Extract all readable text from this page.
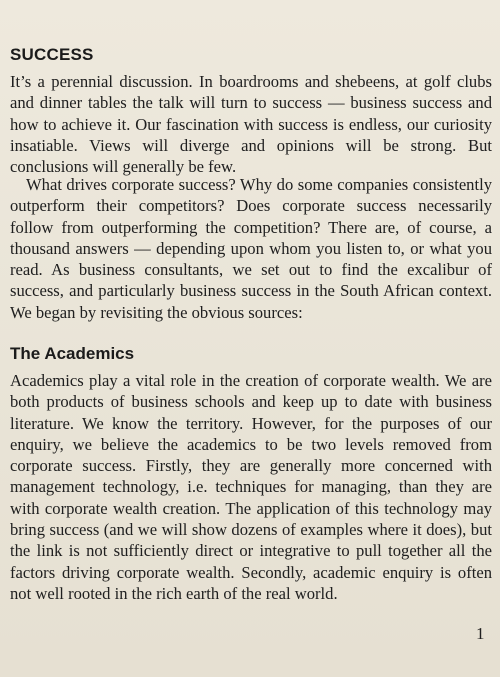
SUCCESS

It’s a perennial discussion. In boardrooms and shebeens, at golf clubs and dinner tables the talk will turn to success — business success and how to achieve it. Our fascination with success is endless, our curiosity insatiable. Views will diverge and opinions will be strong. But conclusions will generally be few.

What drives corporate success? Why do some companies consistently outperform their competitors? Does corporate success necessarily follow from outperforming the competition? There are, of course, a thousand answers — depending upon whom you listen to, or what you read. As business consultants, we set out to find the excalibur of success, and particularly business success in the South African context. We began by revisiting the obvious sources:

The Academics

Academics play a vital role in the creation of corporate wealth. We are both products of business schools and keep up to date with business literature. We know the territory. However, for the purposes of our enquiry, we believe the academics to be two levels removed from corporate success. Firstly, they are generally more concerned with management technology, i.e. techniques for managing, than they are with corporate wealth creation. The application of this technology may bring success (and we will show dozens of examples where it does), but the link is not sufficiently direct or integrative to pull together all the factors driving corporate wealth. Secondly, academic enquiry is often not well rooted in the rich earth of the real world.

1
